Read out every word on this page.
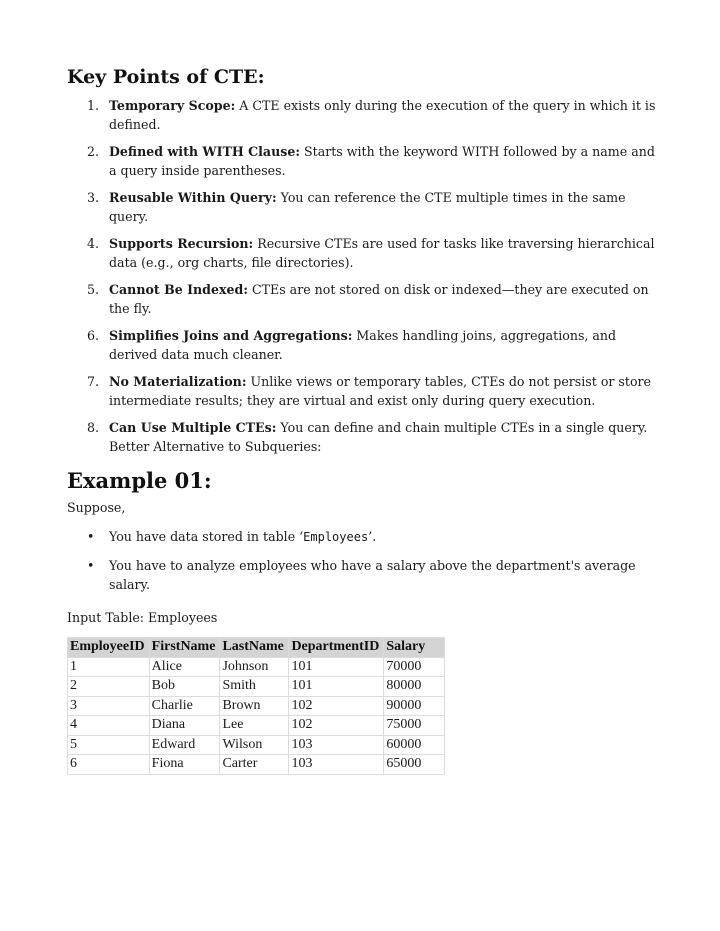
Key Points of CTE:
1. Temporary Scope: A CTE exists only during the execution of the query in which it is defined.
2. Defined with WITH Clause: Starts with the keyword WITH followed by a name and a query inside parentheses.
3. Reusable Within Query: You can reference the CTE multiple times in the same query.
4. Supports Recursion: Recursive CTEs are used for tasks like traversing hierarchical data (e.g., org charts, file directories).
5. Cannot Be Indexed: CTEs are not stored on disk or indexed—they are executed on the fly.
6. Simplifies Joins and Aggregations: Makes handling joins, aggregations, and derived data much cleaner.
7. No Materialization: Unlike views or temporary tables, CTEs do not persist or store intermediate results; they are virtual and exist only during query execution.
8. Can Use Multiple CTEs: You can define and chain multiple CTEs in a single query.
Better Alternative to Subqueries:
Example 01:
Suppose,
• You have data stored in table ‘Employees’.
• You have to analyze employees who have a salary above the department's average salary.
Input Table: Employees
EmployeeID	FirstName	LastName	DepartmentID	Salary
1	Alice	Johnson	101	70000
2	Bob	Smith	101	80000
3	Charlie	Brown	102	90000
4	Diana	Lee	102	75000
5	Edward	Wilson	103	60000
6	Fiona	Carter	103	65000
